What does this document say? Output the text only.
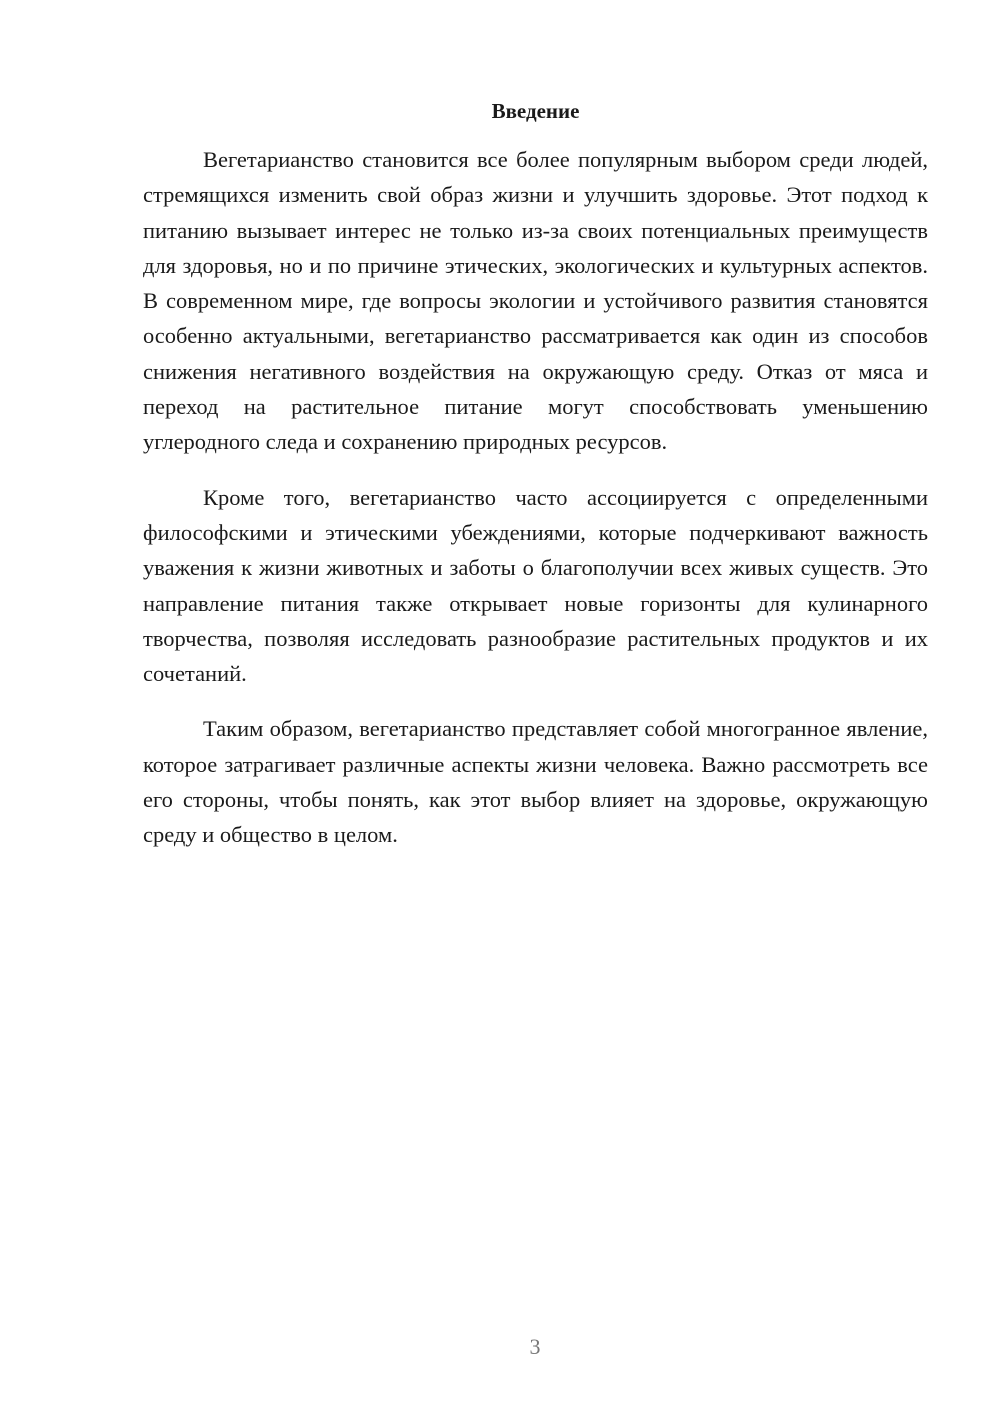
Введение

Вегетарианство становится все более популярным выбором среди людей, стремящихся изменить свой образ жизни и улучшить здоровье. Этот подход к питанию вызывает интерес не только из-за своих потенциальных преимуществ для здоровья, но и по причине этических, экологических и культурных аспектов. В современном мире, где вопросы экологии и устойчивого развития становятся особенно актуальными, вегетарианство рассматривается как один из способов снижения негативного воздействия на окружающую среду. Отказ от мяса и переход на растительное питание могут способствовать уменьшению углеродного следа и сохранению природных ресурсов.

Кроме того, вегетарианство часто ассоциируется с определенными философскими и этическими убеждениями, которые подчеркивают важность уважения к жизни животных и заботы о благополучии всех живых существ. Это направление питания также открывает новые горизонты для кулинарного творчества, позволяя исследовать разнообразие растительных продуктов и их сочетаний.

Таким образом, вегетарианство представляет собой многогранное явление, которое затрагивает различные аспекты жизни человека. Важно рассмотреть все его стороны, чтобы понять, как этот выбор влияет на здоровье, окружающую среду и общество в целом.

3
